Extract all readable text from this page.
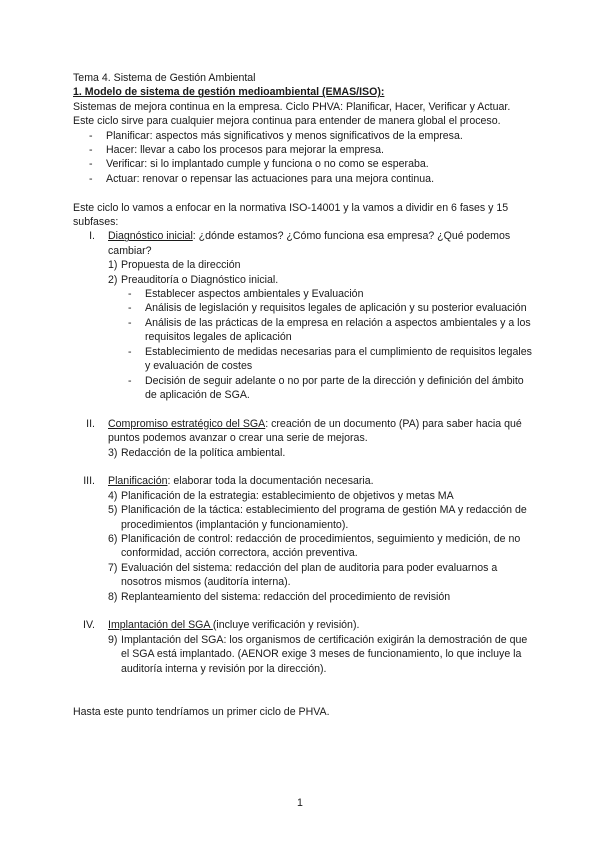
Tema 4. Sistema de Gestión Ambiental

1. Modelo de sistema de gestión medioambiental (EMAS/ISO):

Sistemas de mejora continua en la empresa. Ciclo PHVA: Planificar, Hacer, Verificar y Actuar. Este ciclo sirve para cualquier mejora continua para entender de manera global el proceso.

- Planificar: aspectos más significativos y menos significativos de la empresa.

- Hacer: llevar a cabo los procesos para mejorar la empresa.

- Verificar: si lo implantado cumple y funciona o no como se esperaba.

- Actuar: renovar o repensar las actuaciones para una mejora continua.

Este ciclo lo vamos a enfocar en la normativa ISO-14001 y la vamos a dividir en 6 fases y 15 subfases:

I. Diagnóstico inicial: ¿dónde estamos? ¿Cómo funciona esa empresa? ¿Qué podemos cambiar?

1) Propuesta de la dirección

2) Preauditoría o Diagnóstico inicial.

- Establecer aspectos ambientales y Evaluación

- Análisis de legislación y requisitos legales de aplicación y su posterior evaluación

- Análisis de las prácticas de la empresa en relación a aspectos ambientales y a los requisitos legales de aplicación

- Establecimiento de medidas necesarias para el cumplimiento de requisitos legales y evaluación de costes

- Decisión de seguir adelante o no por parte de la dirección y definición del ámbito de aplicación de SGA.

II. Compromiso estratégico del SGA: creación de un documento (PA) para saber hacia qué puntos podemos avanzar o crear una serie de mejoras.

3) Redacción de la política ambiental.

III. Planificación: elaborar toda la documentación necesaria.

4) Planificación de la estrategia: establecimiento de objetivos y metas MA

5) Planificación de la táctica: establecimiento del programa de gestión MA y redacción de procedimientos (implantación y funcionamiento).

6) Planificación de control: redacción de procedimientos, seguimiento y medición, de no conformidad, acción correctora, acción preventiva.

7) Evaluación del sistema: redacción del plan de auditoria para poder evaluarnos a nosotros mismos (auditoría interna).

8) Replanteamiento del sistema: redacción del procedimiento de revisión

IV. Implantación del SGA (incluye verificación y revisión).

9) Implantación del SGA: los organismos de certificación exigirán la demostración de que el SGA está implantado. (AENOR exige 3 meses de funcionamiento, lo que incluye la auditoría interna y revisión por la dirección).

Hasta este punto tendríamos un primer ciclo de PHVA.

1
